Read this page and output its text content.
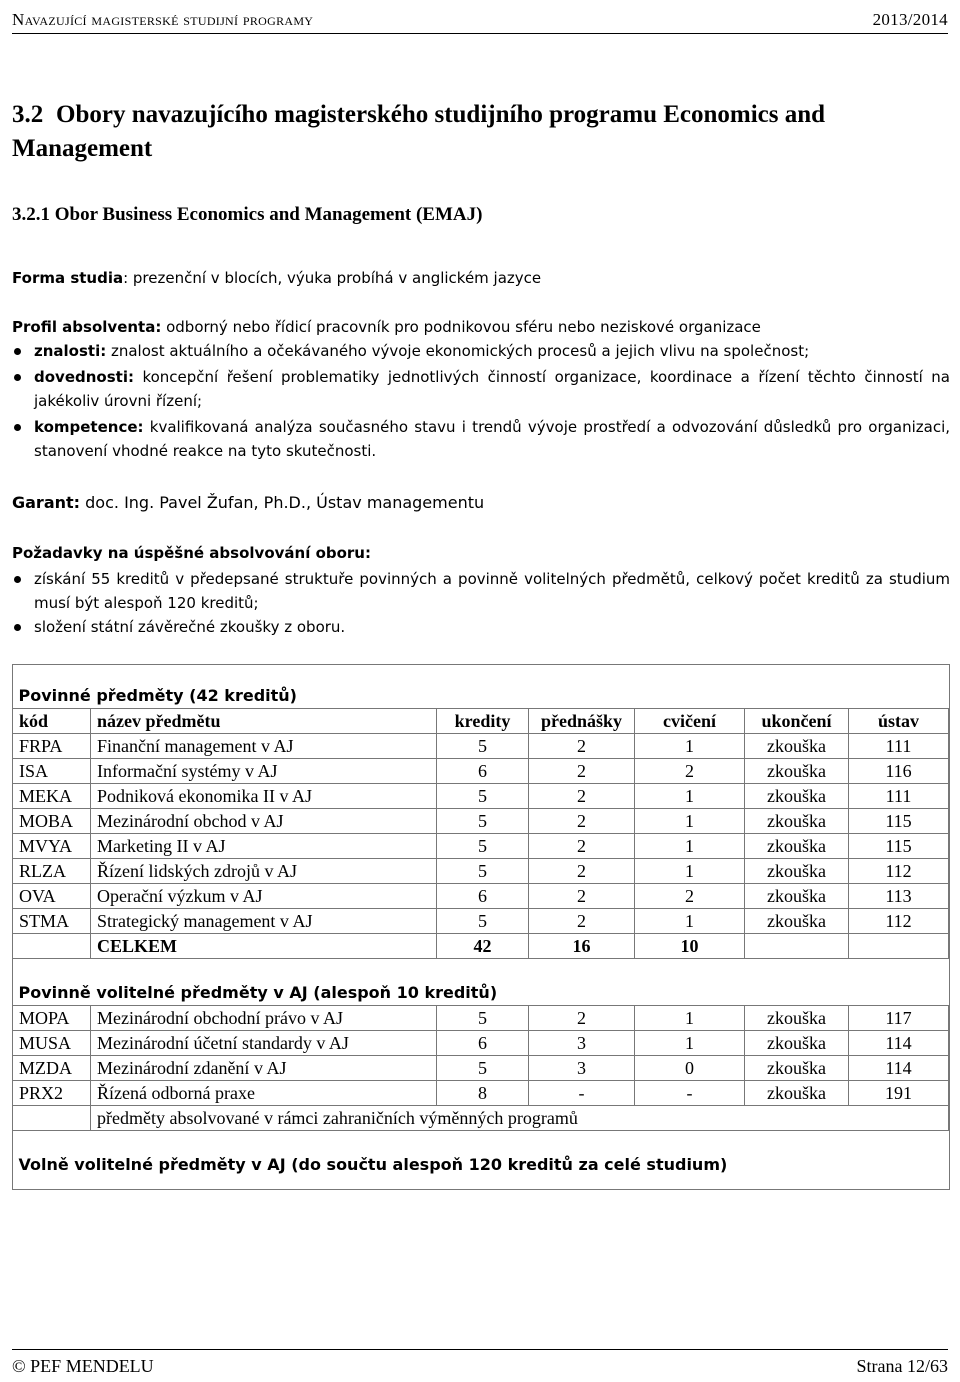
Navazující magisterské studijní programy	2013/2014
3.2 Obory navazujícího magisterského studijního programu Economics and Management
3.2.1 Obor Business Economics and Management (EMAJ)
Forma studia: prezenční v blocích, výuka probíhá v anglickém jazyce
Profil absolventa: odborný nebo řídicí pracovník pro podnikovou sféru nebo neziskové organizace
znalosti: znalost aktuálního a očekávaného vývoje ekonomických procesů a jejich vlivu na společnost;
dovednosti: koncepční řešení problematiky jednotlivých činností organizace, koordinace a řízení těchto činností na jakékoliv úrovni řízení;
kompetence: kvalifikovaná analýza současného stavu i trendů vývoje prostředí a odvozování důsledků pro organizaci, stanovení vhodné reakce na tyto skutečnosti.
Garant: doc. Ing. Pavel Žufan, Ph.D., Ústav managementu
Požadavky na úspěšné absolvování oboru:
získání 55 kreditů v předepsané struktuře povinných a povinně volitelných předmětů, celkový počet kreditů za studium musí být alespoň 120 kreditů;
složení státní závěrečné zkoušky z oboru.

Povinné předměty (42 kreditů)						
kód	název předmětu	kredity	přednášky	cvičení	ukončení	ústav
FRPA	Finanční management v AJ	5	2	1	zkouška	111
ISA	Informační systémy v AJ	6	2	2	zkouška	116
MEKA	Podniková ekonomika II v AJ	5	2	1	zkouška	111
MOBA	Mezinárodní obchod v AJ	5	2	1	zkouška	115
MVYA	Marketing II v AJ	5	2	1	zkouška	115
RLZA	Řízení lidských zdrojů v AJ	5	2	1	zkouška	112
OVA	Operační výzkum v AJ	6	2	2	zkouška	113
STMA	Strategický management v AJ	5	2	1	zkouška	112
	CELKEM	42	16	10		

Povinně volitelné předměty v AJ (alespoň 10 kreditů)						
MOPA	Mezinárodní obchodní právo v AJ	5	2	1	zkouška	117
MUSA	Mezinárodní účetní standardy v AJ	6	3	1	zkouška	114
MZDA	Mezinárodní zdanění v AJ	5	3	0	zkouška	114
PRX2	Řízená odborná praxe	8	-	-	zkouška	191
	předměty absolvované v rámci zahraničních výměnných programů					

Volně volitelné předměty v AJ (do součtu alespoň 120 kreditů za celé studium)						
© PEF MENDELU	Strana 12/63
